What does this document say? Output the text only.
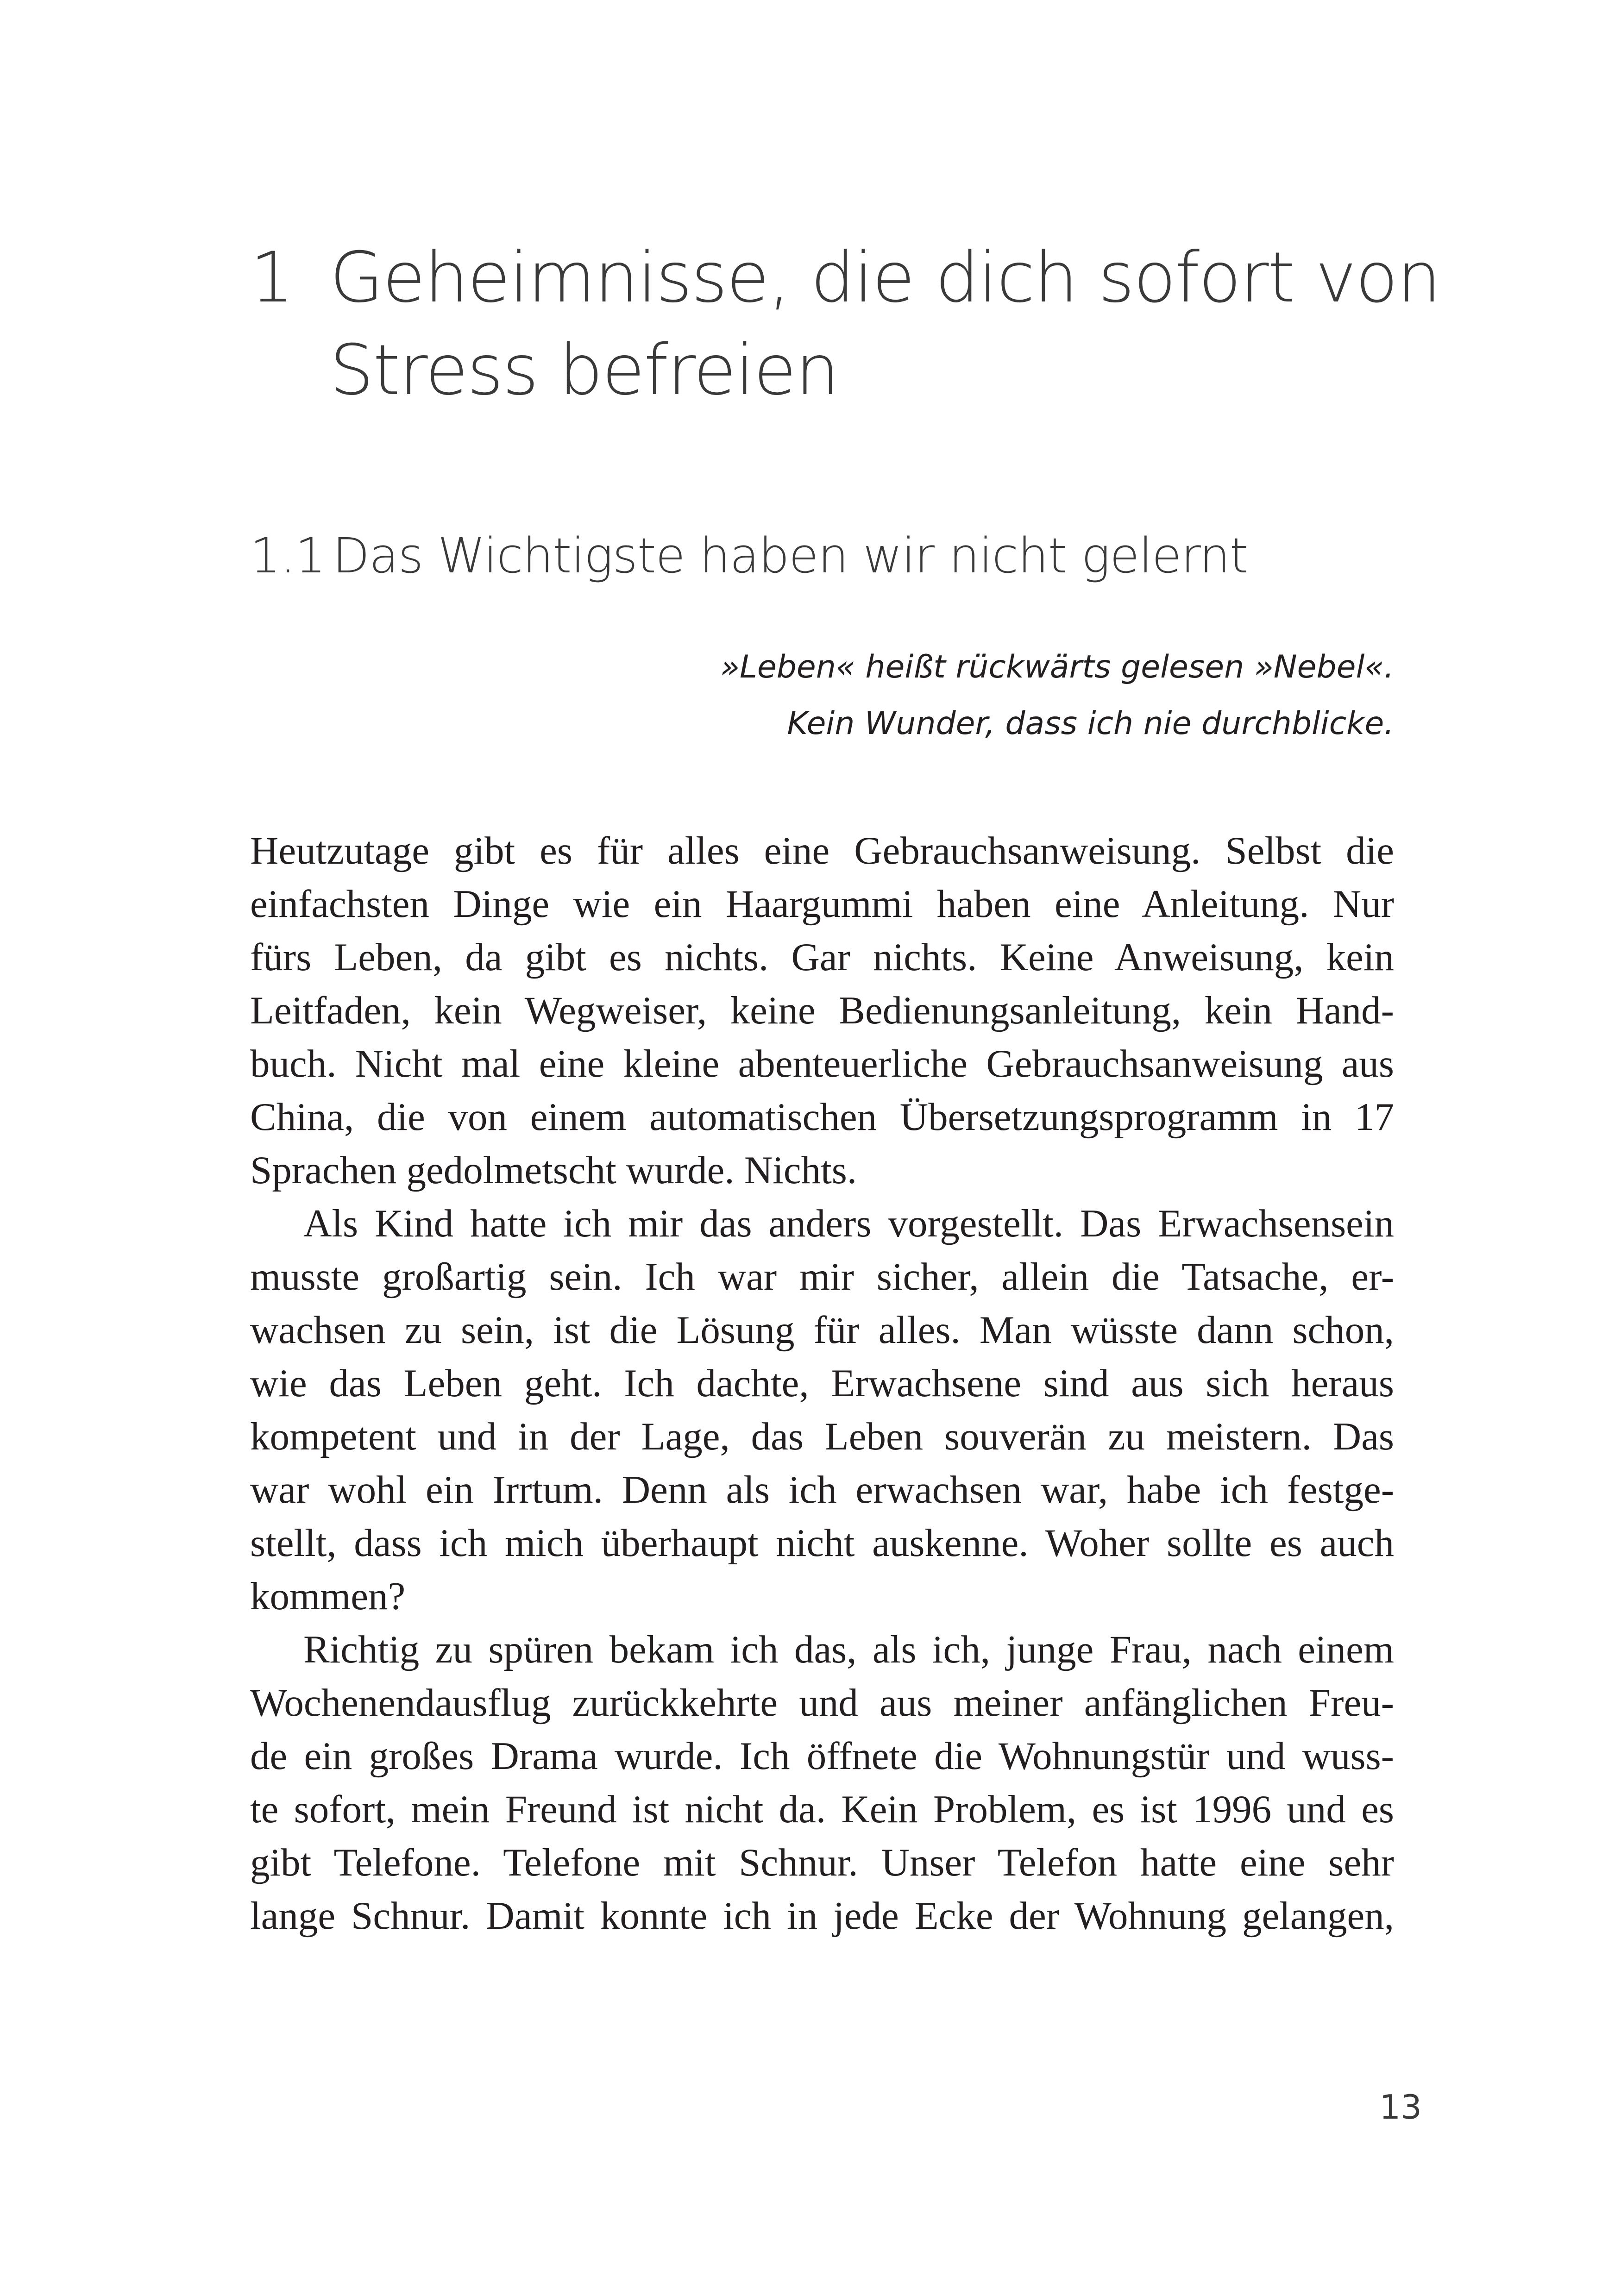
1 Geheimnisse, die dich sofort von
Stress befreien
1.1 Das Wichtigste haben wir nicht gelernt
»Leben« heißt rückwärts gelesen »Nebel«.
Kein Wunder, dass ich nie durchblicke.
Heutzutage gibt es für alles eine Gebrauchsanweisung. Selbst die
einfachsten Dinge wie ein Haargummi haben eine Anleitung. Nur
fürs Leben, da gibt es nichts. Gar nichts. Keine Anweisung, kein
Leitfaden, kein Wegweiser, keine Bedienungsanleitung, kein Hand-
buch. Nicht mal eine kleine abenteuerliche Gebrauchsanweisung aus
China, die von einem automatischen Übersetzungsprogramm in 17
Sprachen gedolmetscht wurde. Nichts.
Als Kind hatte ich mir das anders vorgestellt. Das Erwachsensein
musste großartig sein. Ich war mir sicher, allein die Tatsache, er-
wachsen zu sein, ist die Lösung für alles. Man wüsste dann schon,
wie das Leben geht. Ich dachte, Erwachsene sind aus sich heraus
kompetent und in der Lage, das Leben souverän zu meistern. Das
war wohl ein Irrtum. Denn als ich erwachsen war, habe ich festge-
stellt, dass ich mich überhaupt nicht auskenne. Woher sollte es auch
kommen?
Richtig zu spüren bekam ich das, als ich, junge Frau, nach einem
Wochenendausflug zurückkehrte und aus meiner anfänglichen Freu-
de ein großes Drama wurde. Ich öffnete die Wohnungstür und wuss-
te sofort, mein Freund ist nicht da. Kein Problem, es ist 1996 und es
gibt Telefone. Telefone mit Schnur. Unser Telefon hatte eine sehr
lange Schnur. Damit konnte ich in jede Ecke der Wohnung gelangen,
13
